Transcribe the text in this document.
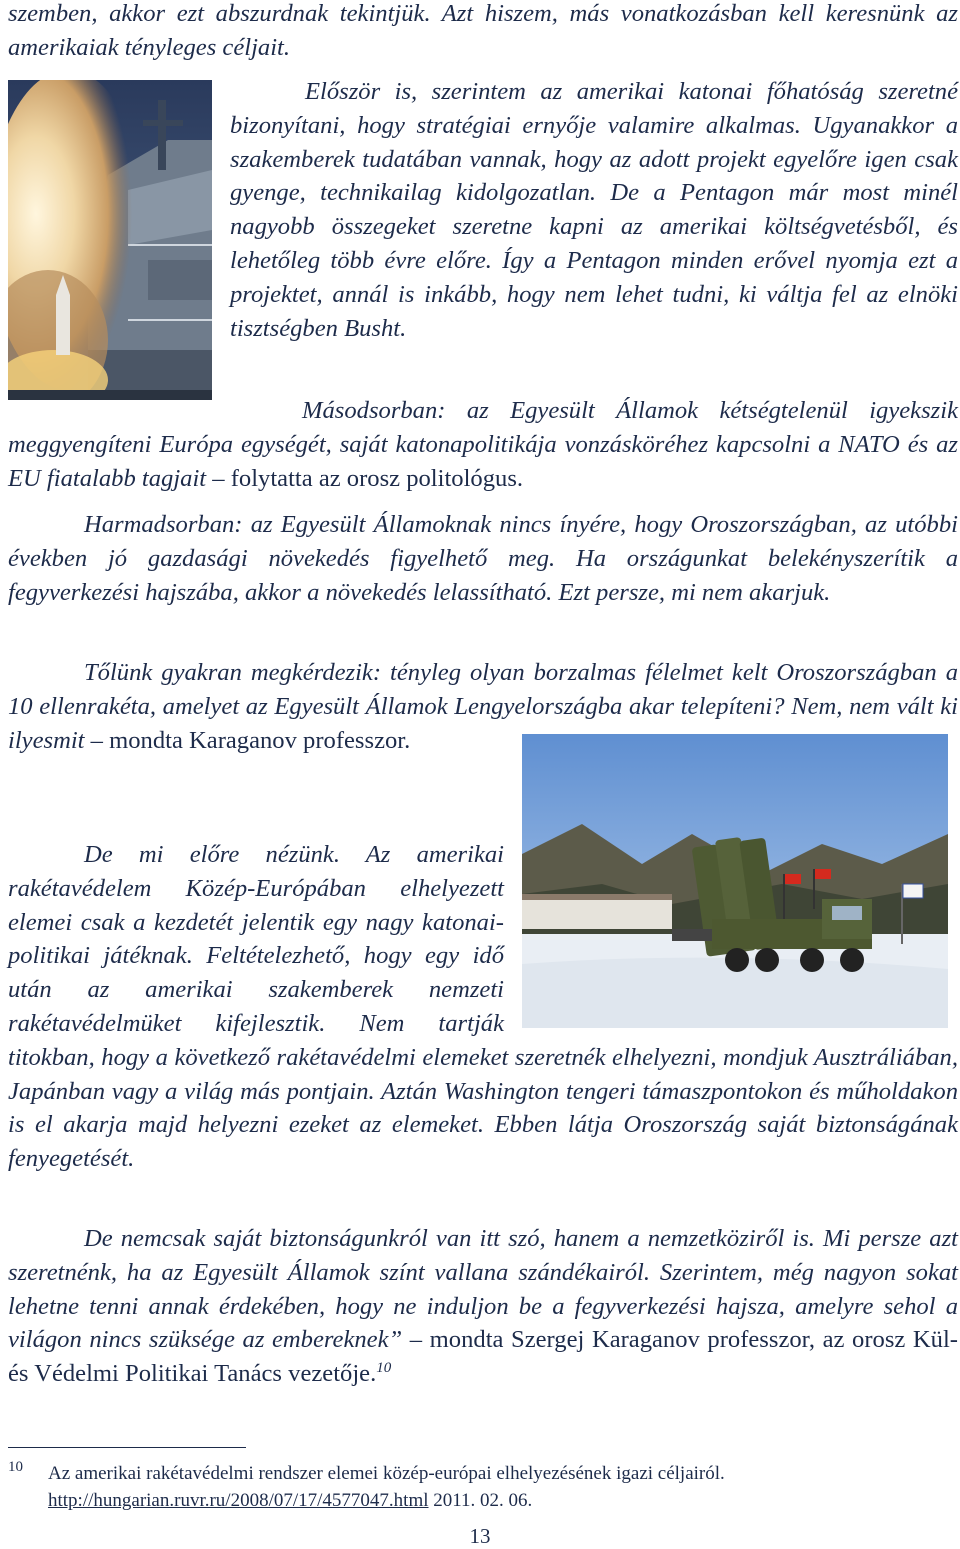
szemben, akkor ezt abszurdnak tekintjük. Azt hiszem, más vonatkozásban kell keresnünk az amerikaiak tényleges céljait.

Először is, szerintem az amerikai katonai főhatóság szeretné bizonyítani, hogy stratégiai ernyője valamire alkalmas. Ugyanakkor a szakemberek tudatában vannak, hogy az adott projekt egyelőre igen csak gyenge, technikailag kidolgozatlan. De a Pentagon már most minél nagyobb összegeket szeretne kapni az amerikai költségvetésből, és lehetőleg több évre előre. Így a Pentagon minden erővel nyomja ezt a projektet, annál is inkább, hogy nem lehet tudni, ki váltja fel az elnöki tisztségben Busht.

Másodsorban: az Egyesült Államok kétségtelenül igyekszik meggyengíteni Európa egységét, saját katonapolitikája vonzásköréhez kapcsolni a NATO és az EU fiatalabb tagjait – folytatta az orosz politológus.

Harmadsorban: az Egyesült Államoknak nincs ínyére, hogy Oroszországban, az utóbbi években jó gazdasági növekedés figyelhető meg. Ha országunkat belekényszerítik a fegyverkezési hajszába, akkor a növekedés lelassítható. Ezt persze, mi nem akarjuk.

Tőlünk gyakran megkérdezik: tényleg olyan borzalmas félelmet kelt Oroszországban a 10 ellenrakéta, amelyet az Egyesült Államok Lengyelországba akar telepíteni? Nem, nem vált ki ilyesmit – mondta Karaganov professzor.

De mi előre nézünk. Az amerikai rakétavédelem Közép-Európában elhelyezett elemei csak a kezdetét jelentik egy nagy katonai-politikai játéknak. Feltételezhető, hogy egy idő után az amerikai szakemberek nemzeti rakétavédelmüket kifejlesztik. Nem tartják titokban, hogy a következő rakétavédelmi elemeket szeretnék elhelyezni, mondjuk Ausztráliában, Japánban vagy a világ más pontjain. Aztán Washington tengeri támaszpontokon és műholdakon is el akarja majd helyezni ezeket az elemeket. Ebben látja Oroszország saját biztonságának fenyegetését.

De nemcsak saját biztonságunkról van itt szó, hanem a nemzetköziről is. Mi persze azt szeretnénk, ha az Egyesült Államok színt vallana szándékairól. Szerintem, még nagyon sokat lehetne tenni annak érdekében, hogy ne induljon be a fegyverkezési hajsza, amelyre sehol a világon nincs szüksége az embereknek” – mondta Szergej Karaganov professzor, az orosz Kül- és Védelmi Politikai Tanács vezetője.$^{10}$

10 Az amerikai rakétavédelmi rendszer elemei közép-európai elhelyezésének igazi céljairól.
http://hungarian.ruvr.ru/2008/07/17/4577047.html 2011. 02. 06.
13
